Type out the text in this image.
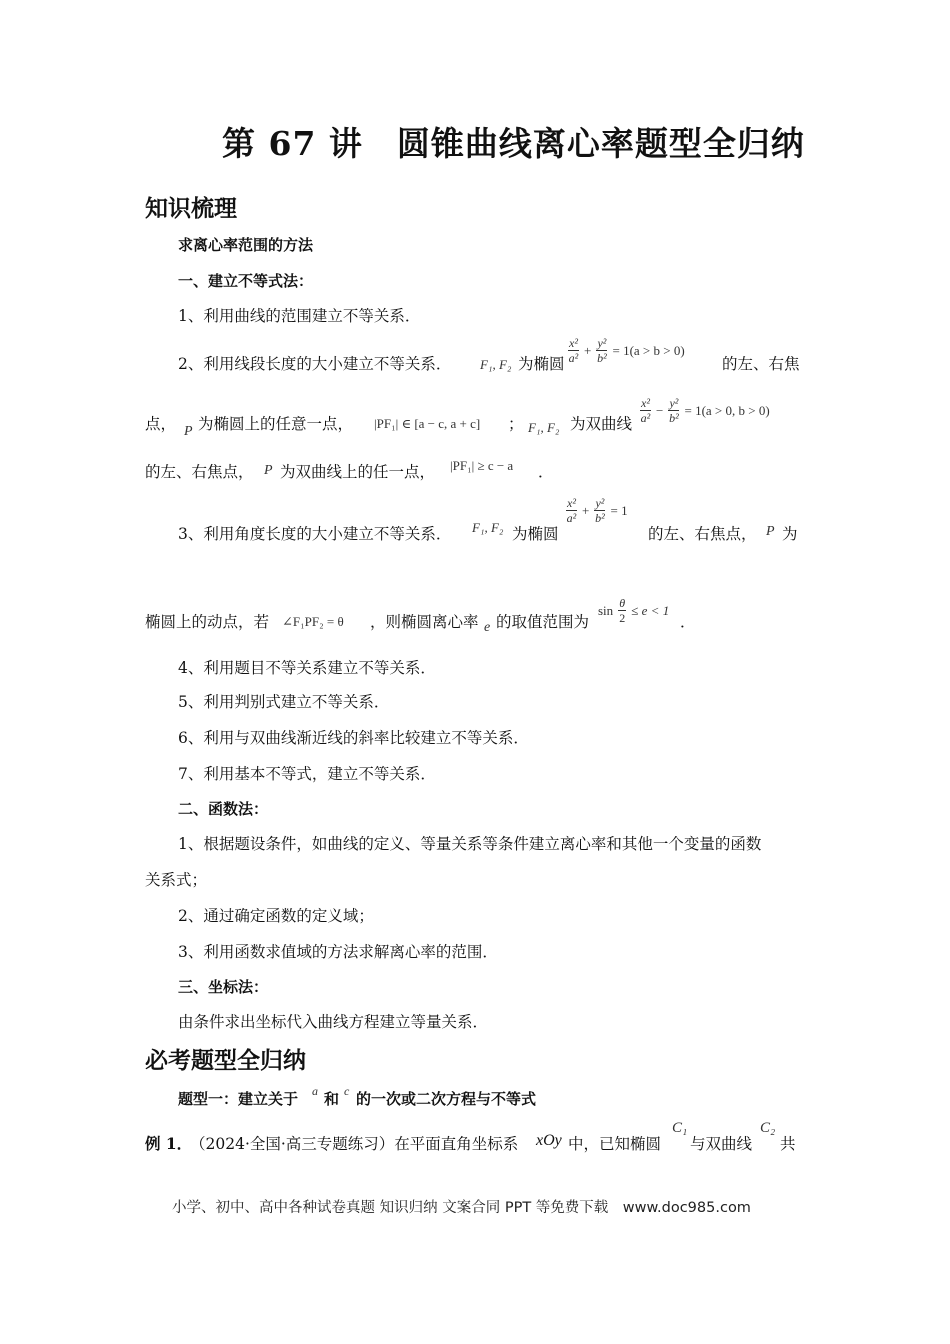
第 67 讲　圆锥曲线离心率题型全归纳
知识梳理
求离心率范围的方法
一、建立不等式法：
1、利用曲线的范围建立不等关系．
2、利用线段长度的大小建立不等关系． F₁, F₂ 为椭圆 $\frac{\text{x²}}{\text{a²}} + \frac{\text{y²}}{\text{b²}} = 1(a > b > 0)$
的左、右焦
点， P 为椭圆上的任意一点， |PF₁| ∈ [a − c, a + c] ； F₁, F₂ 为双曲线 $\frac{\text{x²}}{\text{a²}} - \frac{\text{y²}}{\text{b²}} = 1(a > 0$, b > 0)
的左、右焦点， P 为双曲线上的任一点， |PF₁| ≥ c − a ．
3、利用角度长度的大小建立不等关系． F₁, F₂ 为椭圆
$\frac{\text{x²}}{\text{a²}} + \frac{\text{y²}}{\text{b²}} = 1$
的左、右焦点， P 为
椭圆上的动点，若 ∠F₁PF₂ = θ ，则椭圆离心率 e 的取值范围为
$\sin \frac{\theta}{2} \le e < 1$
．
4、利用题目不等关系建立不等关系．
5、利用判别式建立不等关系．
6、利用与双曲线渐近线的斜率比较建立不等关系．
7、利用基本不等式，建立不等关系．
二、函数法：
1、根据题设条件，如曲线的定义、等量关系等条件建立离心率和其他一个变量的函数
关系式；
2、通过确定函数的定义域；
3、利用函数求值域的方法求解离心率的范围．
三、坐标法：
由条件求出坐标代入曲线方程建立等量关系．
必考题型全归纳
题型一：建立关于 a 和 c 的一次或二次方程与不等式
例 1．
（2024·全国·高三专题练习）在平面直角坐标系 xOy 中，已知椭圆
C₁
与双曲线
C₂
共
小学、初中、高中各种试卷真题 知识归纳 文案合同 PPT 等免费下载　www.doc985.com
